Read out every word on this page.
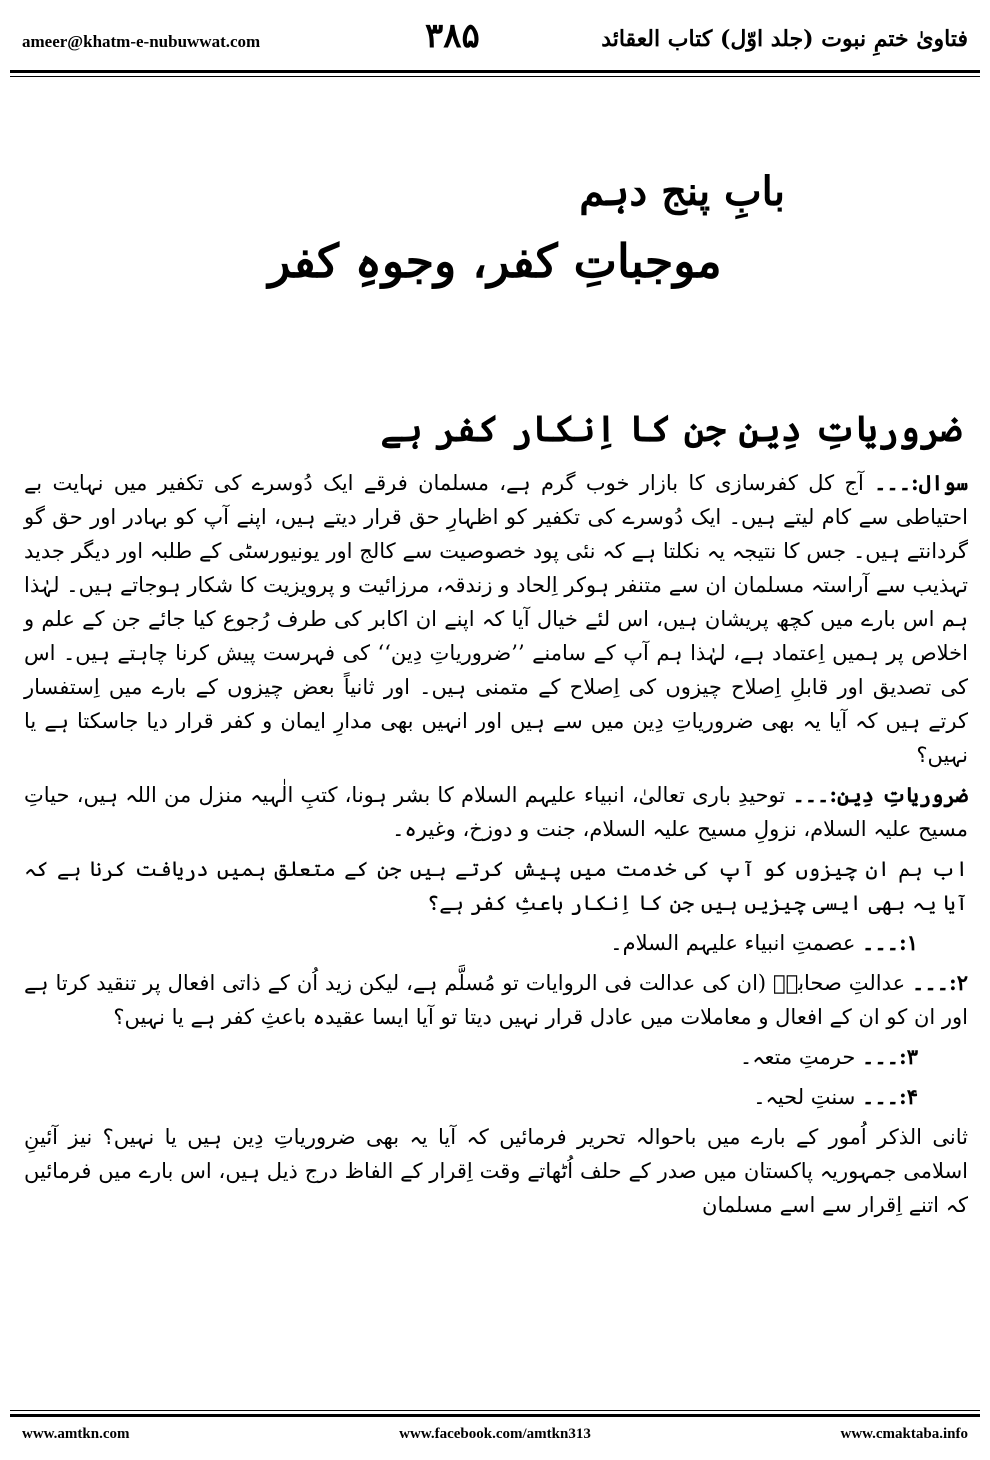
ameer@khatm-e-nubuwwat.com	۳۸۵	فتاویٰ ختمِ نبوت (جلد اوّل) کتاب العقائد
بابِ پنج دہم
موجباتِ کفر، وجوہِ کفر
ضروریاتِ دِین جن کا اِنکار کفر ہے

سوال:۔۔۔ آج کل کفرسازی کا بازار خوب گرم ہے، مسلمان فرقے ایک دُوسرے کی تکفیر میں نہایت بے احتیاطی سے کام لیتے ہیں۔ ایک دُوسرے کی تکفیر کو اظہارِ حق قرار دیتے ہیں، اپنے آپ کو بہادر اور حق گو گردانتے ہیں۔ جس کا نتیجہ یہ نکلتا ہے کہ نئی پود خصوصیت سے کالج اور یونیورسٹی کے طلبہ اور دیگر جدید تہذیب سے آراستہ مسلمان ان سے متنفر ہوکر اِلحاد و زندقہ، مرزائیت و پرویزیت کا شکار ہوجاتے ہیں۔ لہٰذا ہم اس بارے میں کچھ پریشان ہیں، اس لئے خیال آیا کہ اپنے ان اکابر کی طرف رُجوع کیا جائے جن کے علم و اخلاص پر ہمیں اِعتماد ہے، لہٰذا ہم آپ کے سامنے ’’ضروریاتِ دِین‘‘ کی فہرست پیش کرنا چاہتے ہیں۔ اس کی تصدیق اور قابلِ اِصلاح چیزوں کی اِصلاح کے متمنی ہیں۔ اور ثانیاً بعض چیزوں کے بارے میں اِستفسار کرتے ہیں کہ آیا یہ بھی ضروریاتِ دِین میں سے ہیں اور انہیں بھی مدارِ ایمان و کفر قرار دیا جاسکتا ہے یا نہیں؟

ضروریاتِ دِین:۔۔۔ توحیدِ باری تعالیٰ، انبیاء علیہم السلام کا بشر ہونا، کتبِ الٰہیہ منزل من اللہ ہیں، حیاتِ مسیح علیہ السلام، نزولِ مسیح علیہ السلام، جنت و دوزخ، وغیرہ۔

اب ہم ان چیزوں کو آپ کی خدمت میں پیش کرتے ہیں جن کے متعلق ہمیں دریافت کرنا ہے کہ آیا یہ بھی ایسی چیزیں ہیں جن کا اِنکار باعثِ کفر ہے؟

۱:۔۔۔ عصمتِ انبیاء علیہم السلام۔

۲:۔۔۔ عدالتِ صحابہؓ (ان کی عدالت فی الروایات تو مُسلَّم ہے، لیکن زید اُن کے ذاتی افعال پر تنقید کرتا ہے اور ان کو ان کے افعال و معاملات میں عادل قرار نہیں دیتا تو آیا ایسا عقیدہ باعثِ کفر ہے یا نہیں؟

۳:۔۔۔ حرمتِ متعہ۔

۴:۔۔۔ سنتِ لحیہ۔

ثانی الذکر اُمور کے بارے میں باحوالہ تحریر فرمائیں کہ آیا یہ بھی ضروریاتِ دِین ہیں یا نہیں؟ نیز آئینِ اسلامی جمہوریہ پاکستان میں صدر کے حلف اُٹھاتے وقت اِقرار کے الفاظ درج ذیل ہیں، اس بارے میں فرمائیں کہ اتنے اِقرار سے اسے مسلمان

www.amtkn.com	www.facebook.com/amtkn313	www.cmaktaba.info
